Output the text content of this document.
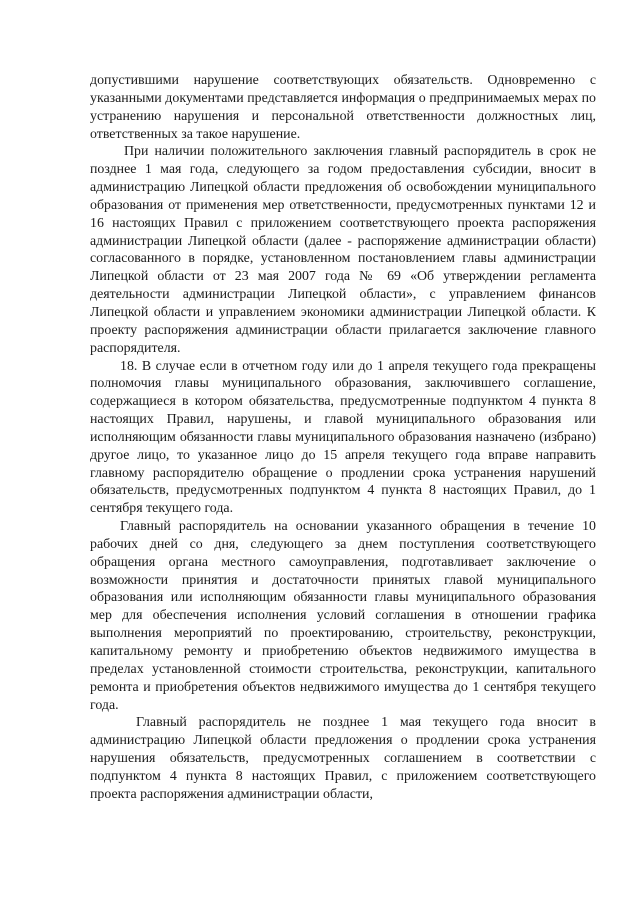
допустившими нарушение соответствующих обязательств. Одновременно с указанными документами представляется информация о предпринимаемых мерах по устранению нарушения и персональной ответственности должностных лиц, ответственных за такое нарушение.

При наличии положительного заключения главный распорядитель в срок не позднее 1 мая года, следующего за годом предоставления субсидии, вносит в администрацию Липецкой области предложения об освобождении муниципального образования от применения мер ответственности, предусмотренных пунктами 12 и 16 настоящих Правил с приложением соответствующего проекта распоряжения администрации Липецкой области (далее - распоряжение администрации области) согласованного в порядке, установленном постановлением главы администрации Липецкой области от 23 мая 2007 года № 69 «Об утверждении регламента деятельности администрации Липецкой области», с управлением финансов Липецкой области и управлением экономики администрации Липецкой области. К проекту распоряжения администрации области прилагается заключение главного распорядителя.

18. В случае если в отчетном году или до 1 апреля текущего года прекращены полномочия главы муниципального образования, заключившего соглашение, содержащиеся в котором обязательства, предусмотренные подпунктом 4 пункта 8 настоящих Правил, нарушены, и главой муниципального образования или исполняющим обязанности главы муниципального образования назначено (избрано) другое лицо, то указанное лицо до 15 апреля текущего года вправе направить главному распорядителю обращение о продлении срока устранения нарушений обязательств, предусмотренных подпунктом 4 пункта 8 настоящих Правил, до 1 сентября текущего года.

Главный распорядитель на основании указанного обращения в течение 10 рабочих дней со дня, следующего за днем поступления соответствующего обращения органа местного самоуправления, подготавливает заключение о возможности принятия и достаточности принятых главой муниципального образования или исполняющим обязанности главы муниципального образования мер для обеспечения исполнения условий соглашения в отношении графика выполнения мероприятий по проектированию, строительству, реконструкции, капитальному ремонту и приобретению объектов недвижимого имущества в пределах установленной стоимости строительства, реконструкции, капитального ремонта и приобретения объектов недвижимого имущества до 1 сентября текущего года.

Главный распорядитель не позднее 1 мая текущего года вносит в администрацию Липецкой области предложения о продлении срока устранения нарушения обязательств, предусмотренных соглашением в соответствии с подпунктом 4 пункта 8 настоящих Правил, с приложением соответствующего проекта распоряжения администрации области,
